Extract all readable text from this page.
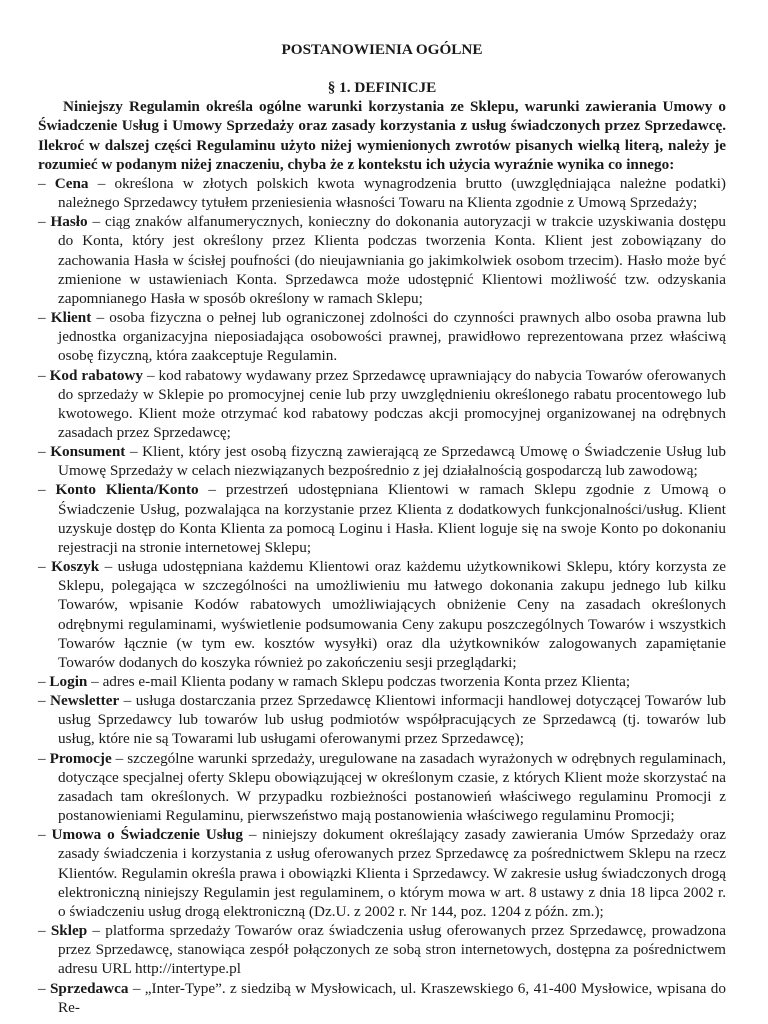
POSTANOWIENIA OGÓLNE

§ 1. DEFINICJE

Niniejszy Regulamin określa ogólne warunki korzystania ze Sklepu, warunki zawierania Umowy o Świadczenie Usług i Umowy Sprzedaży oraz zasady korzystania z usług świadczonych przez Sprzedawcę. Ilekroć w dalszej części Regulaminu użyto niżej wymienionych zwrotów pisanych wielką literą, należy je rozumieć w podanym niżej znaczeniu, chyba że z kontekstu ich użycia wyraźnie wynika co innego:

– Cena – określona w złotych polskich kwota wynagrodzenia brutto (uwzględniająca należne podatki) należnego Sprzedawcy tytułem przeniesienia własności Towaru na Klienta zgodnie z Umową Sprzedaży;
– Hasło – ciąg znaków alfanumerycznych, konieczny do dokonania autoryzacji w trakcie uzyskiwania dostępu do Konta, który jest określony przez Klienta podczas tworzenia Konta. Klient jest zobowiązany do zachowania Hasła w ścisłej poufności (do nieujawniania go jakimkolwiek osobom trzecim). Hasło może być zmienione w ustawieniach Konta. Sprzedawca może udostępnić Klientowi możliwość tzw. odzyskania zapomnianego Hasła w sposób określony w ramach Sklepu;
– Klient – osoba fizyczna o pełnej lub ograniczonej zdolności do czynności prawnych albo osoba prawna lub jednostka organizacyjna nieposiadająca osobowości prawnej, prawidłowo reprezentowana przez właściwą osobę fizyczną, która zaakceptuje Regulamin.
– Kod rabatowy – kod rabatowy wydawany przez Sprzedawcę uprawniający do nabycia Towarów oferowanych do sprzedaży w Sklepie po promocyjnej cenie lub przy uwzględnieniu określonego rabatu procentowego lub kwotowego. Klient może otrzymać kod rabatowy podczas akcji promocyjnej organizowanej na odrębnych zasadach przez Sprzedawcę;
– Konsument – Klient, który jest osobą fizyczną zawierającą ze Sprzedawcą Umowę o Świadczenie Usług lub Umowę Sprzedaży w celach niezwiązanych bezpośrednio z jej działalnością gospodarczą lub zawodową;
– Konto Klienta/Konto – przestrzeń udostępniana Klientowi w ramach Sklepu zgodnie z Umową o Świadczenie Usług, pozwalająca na korzystanie przez Klienta z dodatkowych funkcjonalności/usług. Klient uzyskuje dostęp do Konta Klienta za pomocą Loginu i Hasła. Klient loguje się na swoje Konto po dokonaniu rejestracji na stronie internetowej Sklepu;
– Koszyk – usługa udostępniana każdemu Klientowi oraz każdemu użytkownikowi Sklepu, który korzysta ze Sklepu, polegająca w szczególności na umożliwieniu mu łatwego dokonania zakupu jednego lub kilku Towarów, wpisanie Kodów rabatowych umożliwiających obniżenie Ceny na zasadach określonych odrębnymi regulaminami, wyświetlenie podsumowania Ceny zakupu poszczególnych Towarów i wszystkich Towarów łącznie (w tym ew. kosztów wysyłki) oraz dla użytkowników zalogowanych zapamiętanie Towarów dodanych do koszyka również po zakończeniu sesji przeglądarki;
– Login – adres e-mail Klienta podany w ramach Sklepu podczas tworzenia Konta przez Klienta;
– Newsletter – usługa dostarczania przez Sprzedawcę Klientowi informacji handlowej dotyczącej Towarów lub usług Sprzedawcy lub towarów lub usług podmiotów współpracujących ze Sprzedawcą (tj. towarów lub usług, które nie są Towarami lub usługami oferowanymi przez Sprzedawcę);
– Promocje – szczególne warunki sprzedaży, uregulowane na zasadach wyrażonych w odrębnych regulaminach, dotyczące specjalnej oferty Sklepu obowiązującej w określonym czasie, z których Klient może skorzystać na zasadach tam określonych. W przypadku rozbieżności postanowień właściwego regulaminu Promocji z postanowieniami Regulaminu, pierwszeństwo mają postanowienia właściwego regulaminu Promocji;
– Umowa o Świadczenie Usług – niniejszy dokument określający zasady zawierania Umów Sprzedaży oraz zasady świadczenia i korzystania z usług oferowanych przez Sprzedawcę za pośrednictwem Sklepu na rzecz Klientów. Regulamin określa prawa i obowiązki Klienta i Sprzedawcy. W zakresie usług świadczonych drogą elektroniczną niniejszy Regulamin jest regulaminem, o którym mowa w art. 8 ustawy z dnia 18 lipca 2002 r. o świadczeniu usług drogą elektroniczną (Dz.U. z 2002 r. Nr 144, poz. 1204 z późn. zm.);
– Sklep – platforma sprzedaży Towarów oraz świadczenia usług oferowanych przez Sprzedawcę, prowadzona przez Sprzedawcę, stanowiąca zespół połączonych ze sobą stron internetowych, dostępna za pośrednictwem adresu URL http://intertype.pl
– Sprzedawca – „Inter-Type”. z siedzibą w Mysłowicach, ul. Kraszewskiego 6, 41‑400 Mysłowice, wpisana do Re-
